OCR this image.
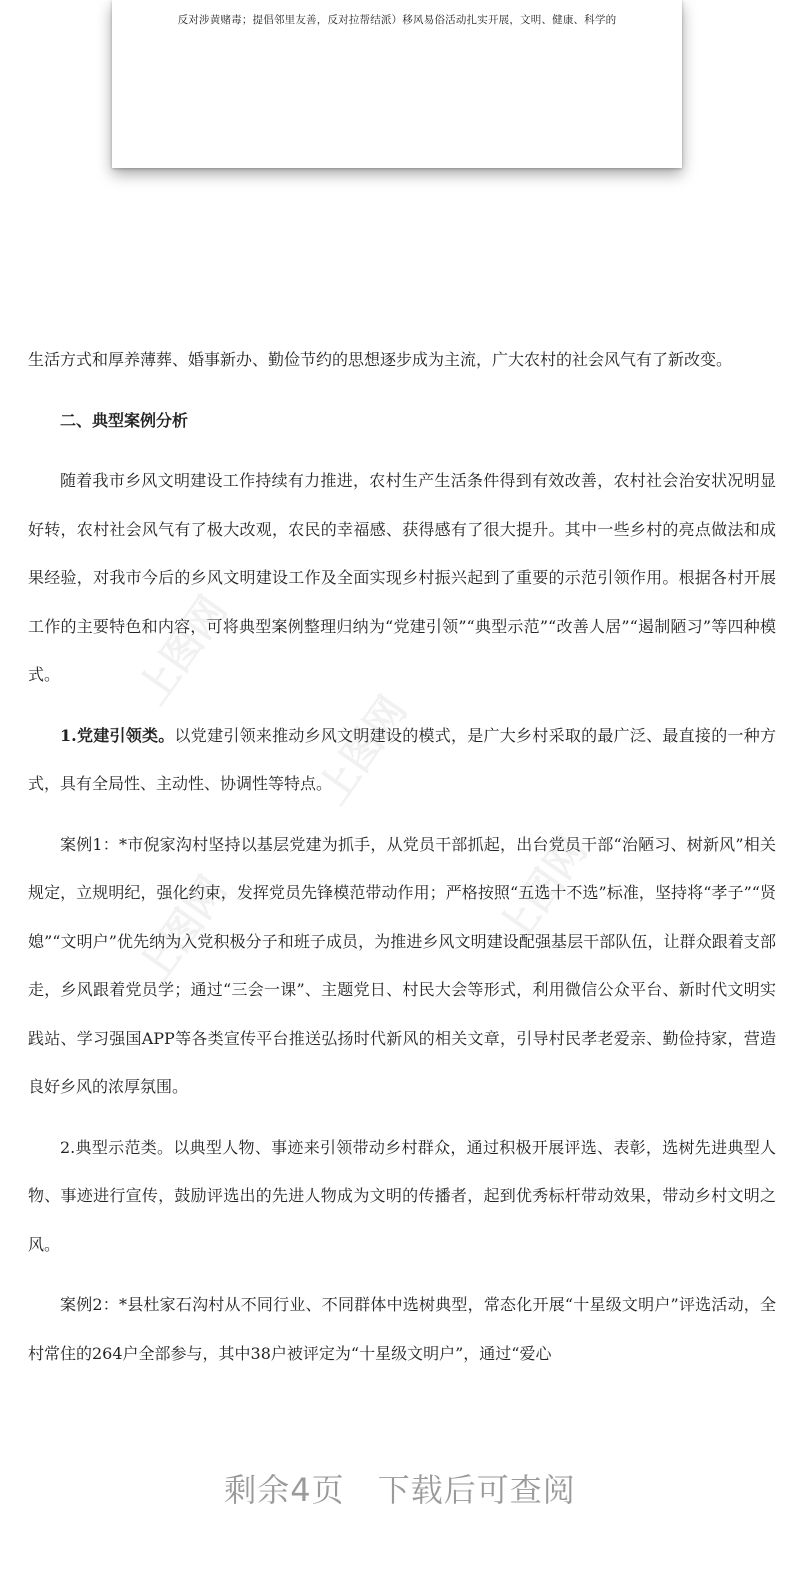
反对涉黄赌毒；提倡邻里友善，反对拉帮结派）移风易俗活动扎实开展，文明、健康、科学的
上图网
上图网
上图网	上图网

生活方式和厚养薄葬、婚事新办、勤俭节约的思想逐步成为主流，广大农村的社会风气有了新改变。

二、典型案例分析

随着我市乡风文明建设工作持续有力推进，农村生产生活条件得到有效改善，农村社会治安状况明显好转，农村社会风气有了极大改观，农民的幸福感、获得感有了很大提升。其中一些乡村的亮点做法和成果经验，对我市今后的乡风文明建设工作及全面实现乡村振兴起到了重要的示范引领作用。根据各村开展工作的主要特色和内容，可将典型案例整理归纳为“党建引领”“典型示范”“改善人居”“遏制陋习”等四种模式。

1.党建引领类。以党建引领来推动乡风文明建设的模式，是广大乡村采取的最广泛、最直接的一种方式，具有全局性、主动性、协调性等特点。

案例1：*市倪家沟村坚持以基层党建为抓手，从党员干部抓起，出台党员干部“治陋习、树新风”相关规定，立规明纪，强化约束，发挥党员先锋模范带动作用；严格按照“五选十不选”标准，坚持将“孝子”“贤媳”“文明户”优先纳为入党积极分子和班子成员，为推进乡风文明建设配强基层干部队伍，让群众跟着支部走，乡风跟着党员学；通过“三会一课”、主题党日、村民大会等形式，利用微信公众平台、新时代文明实践站、学习强国APP等各类宣传平台推送弘扬时代新风的相关文章，引导村民孝老爱亲、勤俭持家，营造良好乡风的浓厚氛围。

2.典型示范类。以典型人物、事迹来引领带动乡村群众，通过积极开展评选、表彰，选树先进典型人物、事迹进行宣传，鼓励评选出的先进人物成为文明的传播者，起到优秀标杆带动效果，带动乡村文明之风。

案例2：*县杜家石沟村从不同行业、不同群体中选树典型，常态化开展“十星级文明户”评选活动，全村常住的264户全部参与，其中38户被评定为“十星级文明户”，通过“爱心

剩余4页 下载后可查阅
